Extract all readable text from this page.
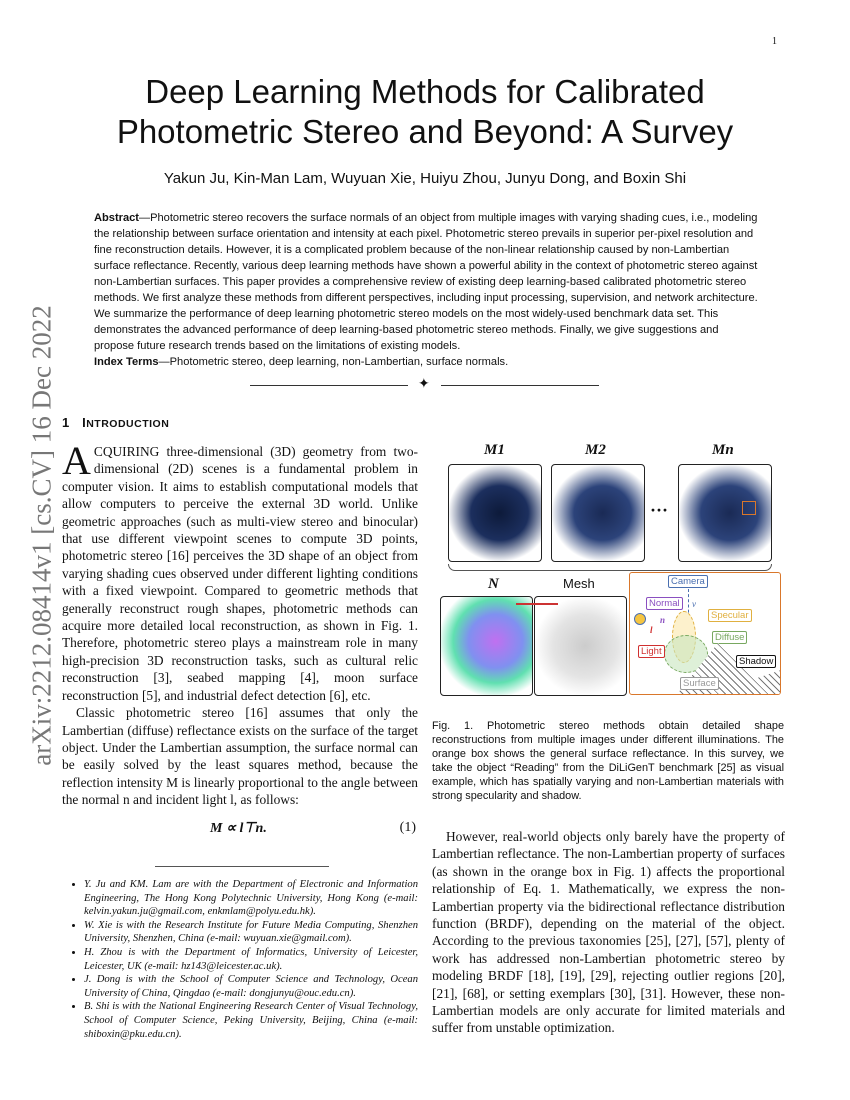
1
arXiv:2212.08414v1 [cs.CV] 16 Dec 2022
Deep Learning Methods for Calibrated
Photometric Stereo and Beyond: A Survey
Yakun Ju, Kin-Man Lam, Wuyuan Xie, Huiyu Zhou, Junyu Dong, and Boxin Shi
Abstract—Photometric stereo recovers the surface normals of an object from multiple images with varying shading cues, i.e., modeling the relationship between surface orientation and intensity at each pixel. Photometric stereo prevails in superior per-pixel resolution and fine reconstruction details. However, it is a complicated problem because of the non-linear relationship caused by non-Lambertian surface reflectance. Recently, various deep learning methods have shown a powerful ability in the context of photometric stereo against non-Lambertian surfaces. This paper provides a comprehensive review of existing deep learning-based calibrated photometric stereo methods. We first analyze these methods from different perspectives, including input processing, supervision, and network architecture. We summarize the performance of deep learning photometric stereo models on the most widely-used benchmark data set. This demonstrates the advanced performance of deep learning-based photometric stereo methods. Finally, we give suggestions and propose future research trends based on the limitations of existing models.
Index Terms—Photometric stereo, deep learning, non-Lambertian, surface normals.
✦
1 INTRODUCTION

ACQUIRING three-dimensional (3D) geometry from two-dimensional (2D) scenes is a fundamental problem in computer vision. It aims to establish computational models that allow computers to perceive the external 3D world. Unlike geometric approaches (such as multi-view stereo and binocular) that use different viewpoint scenes to compute 3D points, photometric stereo [16] perceives the 3D shape of an object from varying shading cues observed under different lighting conditions with a fixed viewpoint. Compared to geometric methods that generally reconstruct rough shapes, photometric methods can acquire more detailed local reconstruction, as shown in Fig. 1. Therefore, photometric stereo plays a mainstream role in many high-precision 3D reconstruction tasks, such as cultural relic reconstruction [3], seabed mapping [4], moon surface reconstruction [5], and industrial defect detection [6], etc.

Classic photometric stereo [16] assumes that only the Lambertian (diffuse) reflectance exists on the surface of the target object. Under the Lambertian assumption, the surface normal can be easily solved by the least squares method, because the reflection intensity M is linearly proportional to the angle between the normal n and incident light l, as follows:

M ∝ l⊤n.	(1)
• Y. Ju and KM. Lam are with the Department of Electronic and Information Engineering, The Hong Kong Polytechnic University, Hong Kong (e-mail: kelvin.yakun.ju@gmail.com, enkmlam@polyu.edu.hk).
• W. Xie is with the Research Institute for Future Media Computing, Shenzhen University, Shenzhen, China (e-mail: wuyuan.xie@gmail.com).
• H. Zhou is with the Department of Informatics, University of Leicester, Leicester, UK (e-mail: hz143@leicester.ac.uk).
• J. Dong is with the School of Computer Science and Technology, Ocean University of China, Qingdao (e-mail: dongjunyu@ouc.edu.cn).
• B. Shi is with the National Engineering Research Center of Visual Technology, School of Computer Science, Peking University, Beijing, China (e-mail: shiboxin@pku.edu.cn).
M1	M2	Mn
···
N	Mesh	Camera
v
Normal
n	Specular
Diffuse
l
Light
Shadow
Surface
Fig. 1. Photometric stereo methods obtain detailed shape reconstructions from multiple images under different illuminations. The orange box shows the general surface reflectance. In this survey, we take the object “Reading” from the DiLiGenT benchmark [25] as visual example, which has spatially varying and non-Lambertian materials with strong specularity and shadow.

However, real-world objects only barely have the property of Lambertian reflectance. The non-Lambertian property of surfaces (as shown in the orange box in Fig. 1) affects the proportional relationship of Eq. 1. Mathematically, we express the non-Lambertian property via the bidirectional reflectance distribution function (BRDF), depending on the material of the object. According to the previous taxonomies [25], [27], [57], plenty of work has addressed non-Lambertian photometric stereo by modeling BRDF [18], [19], [29], rejecting outlier regions [20], [21], [68], or setting exemplars [30], [31]. However, these non-Lambertian models are only accurate for limited materials and suffer from unstable optimization.
